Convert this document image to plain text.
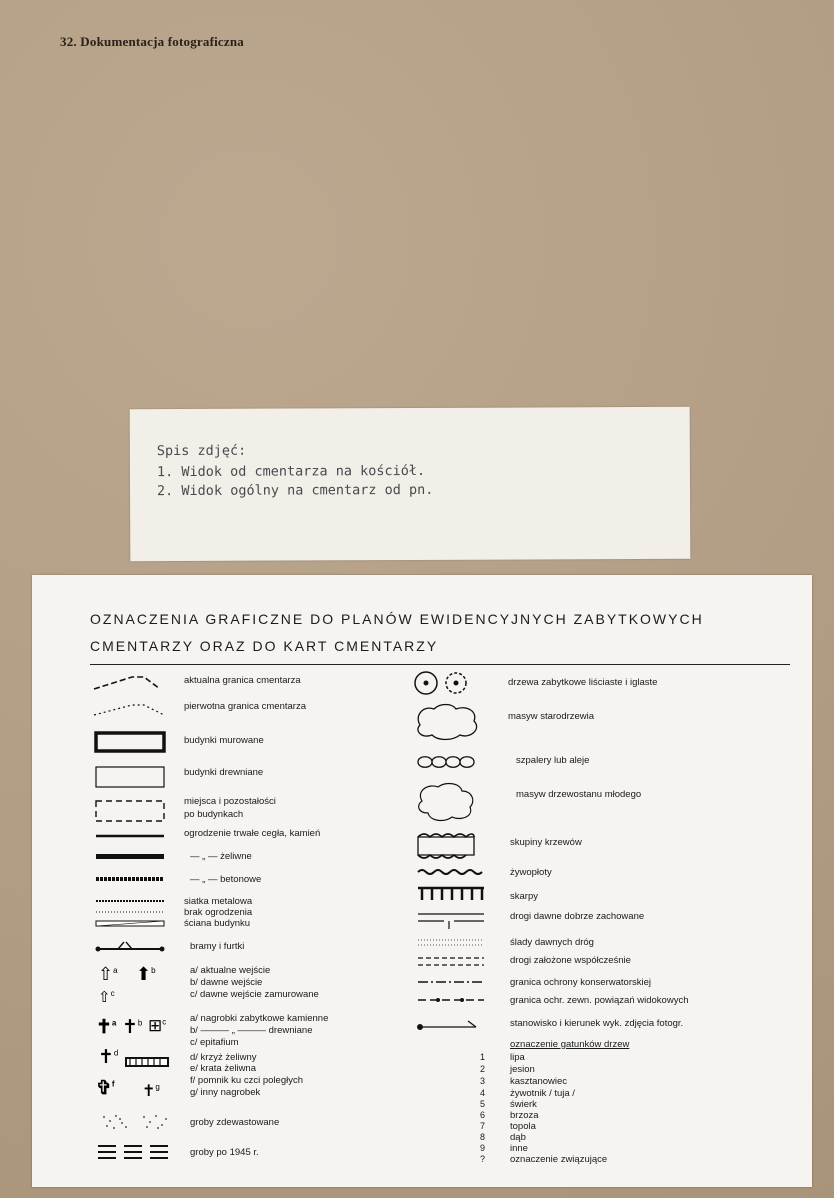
32. Dokumentacja fotograficzna
Spis zdjęć:
1. Widok od cmentarza na kościół.
2. Widok ogólny na cmentarz od pn.
OZNACZENIA GRAFICZNE DO PLANÓW EWIDENCYJNYCH ZABYTKOWYCH
CMENTARZY ORAZ DO KART CMENTARZY
⇧$^a$ ⬆$^b$
⇧$^c$
✝$^a$ ✝$^b$ ⊞$^c$
✝$^d$
✞$^f$ ✝$^g$
aktualna granica cmentarza
pierwotna granica cmentarza
budynki murowane
budynki drewniane
miejsca i pozostałości
po budynkach
ogrodzenie trwałe cegła, kamień
— „ — żeliwne
— „ — betonowe
siatka metalowa
brak ogrodzenia
ściana budynku
bramy i furtki
a/ aktualne wejście
b/ dawne wejście
c/ dawne wejście zamurowane
a/ nagrobki zabytkowe kamienne
b/ ——— „ ——— drewniane
c/ epitafium
d/ krzyż żeliwny
e/ krata żeliwna
f/ pomnik ku czci poległych
g/ inny nagrobek
groby zdewastowane
groby po 1945 r.
drzewa zabytkowe liściaste i iglaste
masyw starodrzewia
szpalery lub aleje
masyw drzewostanu młodego
skupiny krzewów
żywopłoty
skarpy
drogi dawne dobrze zachowane
ślady dawnych dróg
drogi założone współcześnie
granica ochrony konserwatorskiej
granica ochr. zewn. powiązań widokowych
stanowisko i kierunek wyk. zdjęcia fotogr.
oznaczenie gatunków drzew
1	lipa
2	jesion
3	kasztanowiec
4	żywotnik / tuja /
5	świerk
6	brzoza
7	topola
8	dąb
9	inne
?	oznaczenie związujące
